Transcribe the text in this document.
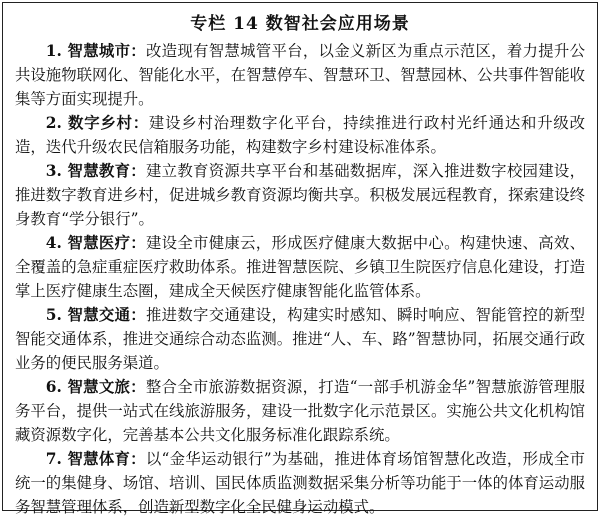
专栏 14 数智社会应用场景

1. 智慧城市：改造现有智慧城管平台，以金义新区为重点示范区，着力提升公共设施物联网化、智能化水平，在智慧停车、智慧环卫、智慧园林、公共事件智能收集等方面实现提升。

2. 数字乡村：建设乡村治理数字化平台，持续推进行政村光纤通达和升级改造，迭代升级农民信箱服务功能，构建数字乡村建设标准体系。

3. 智慧教育：建立教育资源共享平台和基础数据库，深入推进数字校园建设，推进数字教育进乡村，促进城乡教育资源均衡共享。积极发展远程教育，探索建设终身教育“学分银行”。

4. 智慧医疗：建设全市健康云，形成医疗健康大数据中心。构建快速、高效、全覆盖的急症重症医疗救助体系。推进智慧医院、乡镇卫生院医疗信息化建设，打造掌上医疗健康生态圈，建成全天候医疗健康智能化监管体系。

5. 智慧交通：推进数字交通建设，构建实时感知、瞬时响应、智能管控的新型智能交通体系，推进交通综合动态监测。推进“人、车、路”智慧协同，拓展交通行政业务的便民服务渠道。

6. 智慧文旅：整合全市旅游数据资源，打造“一部手机游金华”智慧旅游管理服务平台，提供一站式在线旅游服务，建设一批数字化示范景区。实施公共文化机构馆藏资源数字化，完善基本公共文化服务标准化跟踪系统。

7. 智慧体育：以“金华运动银行”为基础，推进体育场馆智慧化改造，形成全市统一的集健身、场馆、培训、国民体质监测数据采集分析等功能于一体的体育运动服务智慧管理体系，创造新型数字化全民健身运动模式。
